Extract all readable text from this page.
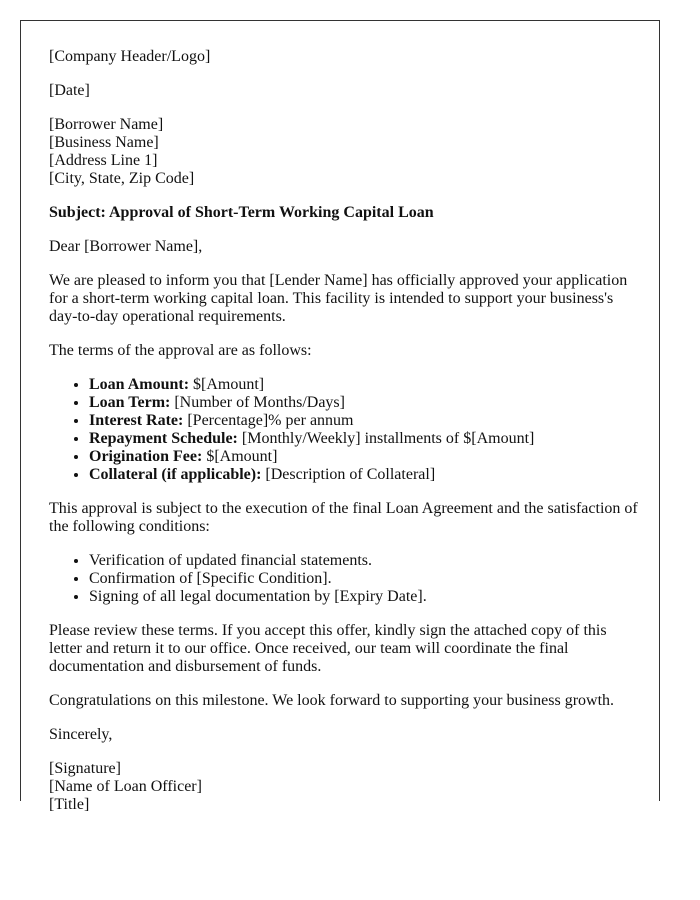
[Company Header/Logo]

[Date]

[Borrower Name]
[Business Name]
[Address Line 1]
[City, State, Zip Code]

Subject: Approval of Short-Term Working Capital Loan

Dear [Borrower Name],

We are pleased to inform you that [Lender Name] has officially approved your application for a short-term working capital loan. This facility is intended to support your business's day-to-day operational requirements.

The terms of the approval are as follows:

• Loan Amount: $[Amount]
• Loan Term: [Number of Months/Days]
• Interest Rate: [Percentage]% per annum
• Repayment Schedule: [Monthly/Weekly] installments of $[Amount]
• Origination Fee: $[Amount]
• Collateral (if applicable): [Description of Collateral]

This approval is subject to the execution of the final Loan Agreement and the satisfaction of the following conditions:

• Verification of updated financial statements.
• Confirmation of [Specific Condition].
• Signing of all legal documentation by [Expiry Date].

Please review these terms. If you accept this offer, kindly sign the attached copy of this letter and return it to our office. Once received, our team will coordinate the final documentation and disbursement of funds.

Congratulations on this milestone. We look forward to supporting your business growth.

Sincerely,

[Signature]
[Name of Loan Officer]
[Title]
